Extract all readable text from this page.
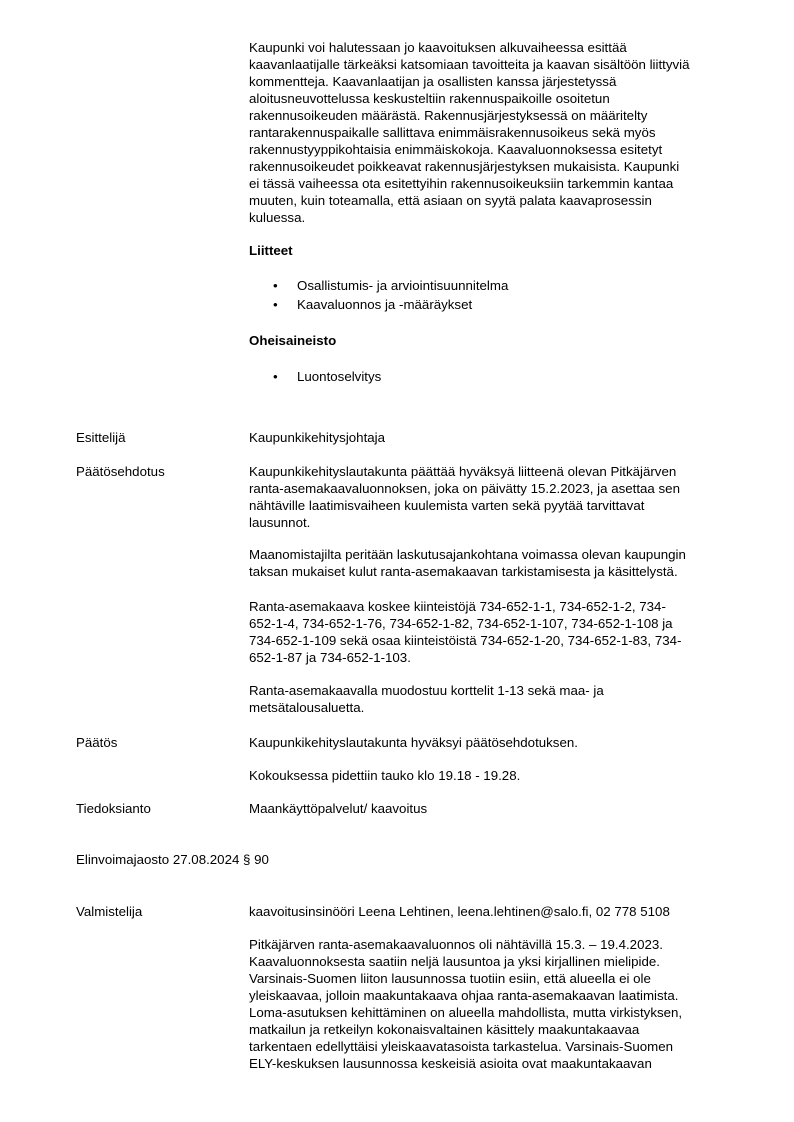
Kaupunki voi halutessaan jo kaavoituksen alkuvaiheessa esittää

kaavanlaatijalle tärkeäksi katsomiaan tavoitteita ja kaavan sisältöön liittyviä

kommentteja. Kaavanlaatijan ja osallisten kanssa järjestetyssä

aloitusneuvottelussa keskusteltiin rakennuspaikoille osoitetun

rakennusoikeuden määrästä. Rakennusjärjestyksessä on määritelty

rantarakennuspaikalle sallittava enimmäisrakennusoikeus sekä myös

rakennustyyppikohtaisia enimmäiskokoja. Kaavaluonnoksessa esitetyt

rakennusoikeudet poikkeavat rakennusjärjestyksen mukaisista. Kaupunki

ei tässä vaiheessa ota esitettyihin rakennusoikeuksiin tarkemmin kantaa

muuten, kuin toteamalla, että asiaan on syytä palata kaavaprosessin

kuluessa.

Liitteet
• Osallistumis- ja arviointisuunnitelma
• Kaavaluonnos ja -määräykset
Oheisaineisto
• Luontoselvitys
Esittelijä	Kaupunkikehitysjohtaja
Päätösehdotus	Kaupunkikehityslautakunta päättää hyväksyä liitteenä olevan Pitkäjärven

ranta-asemakaavaluonnoksen, joka on päivätty 15.2.2023, ja asettaa sen

nähtäville laatimisvaiheen kuulemista varten sekä pyytää tarvittavat

lausunnot.

Maanomistajilta peritään laskutusajankohtana voimassa olevan kaupungin

taksan mukaiset kulut ranta-asemakaavan tarkistamisesta ja käsittelystä.

Ranta-asemakaava koskee kiinteistöjä 734-652-1-1, 734-652-1-2, 734-

652-1-4, 734-652-1-76, 734-652-1-82, 734-652-1-107, 734-652-1-108 ja

734-652-1-109 sekä osaa kiinteistöistä 734-652-1-20, 734-652-1-83, 734-

652-1-87 ja 734-652-1-103.

Ranta-asemakaavalla muodostuu korttelit 1-13 sekä maa- ja

metsätalousaluetta.

Päätös	Kaupunkikehityslautakunta hyväksyi päätösehdotuksen.
Kokouksessa pidettiin tauko klo 19.18 - 19.28.
Tiedoksianto	Maankäyttöpalvelut/ kaavoitus
Elinvoimajaosto 27.08.2024 § 90
Valmistelija	kaavoitusinsinööri Leena Lehtinen, leena.lehtinen@salo.fi, 02 778 5108

Pitkäjärven ranta-asemakaavaluonnos oli nähtävillä 15.3. – 19.4.2023.

Kaavaluonnoksesta saatiin neljä lausuntoa ja yksi kirjallinen mielipide.

Varsinais-Suomen liiton lausunnossa tuotiin esiin, että alueella ei ole

yleiskaavaa, jolloin maakuntakaava ohjaa ranta-asemakaavan laatimista.

Loma-asutuksen kehittäminen on alueella mahdollista, mutta virkistyksen,

matkailun ja retkeilyn kokonaisvaltainen käsittely maakuntakaavaa

tarkentaen edellyttäisi yleiskaavatasoista tarkastelua. Varsinais-Suomen

ELY-keskuksen lausunnossa keskeisiä asioita ovat maakuntakaavan
